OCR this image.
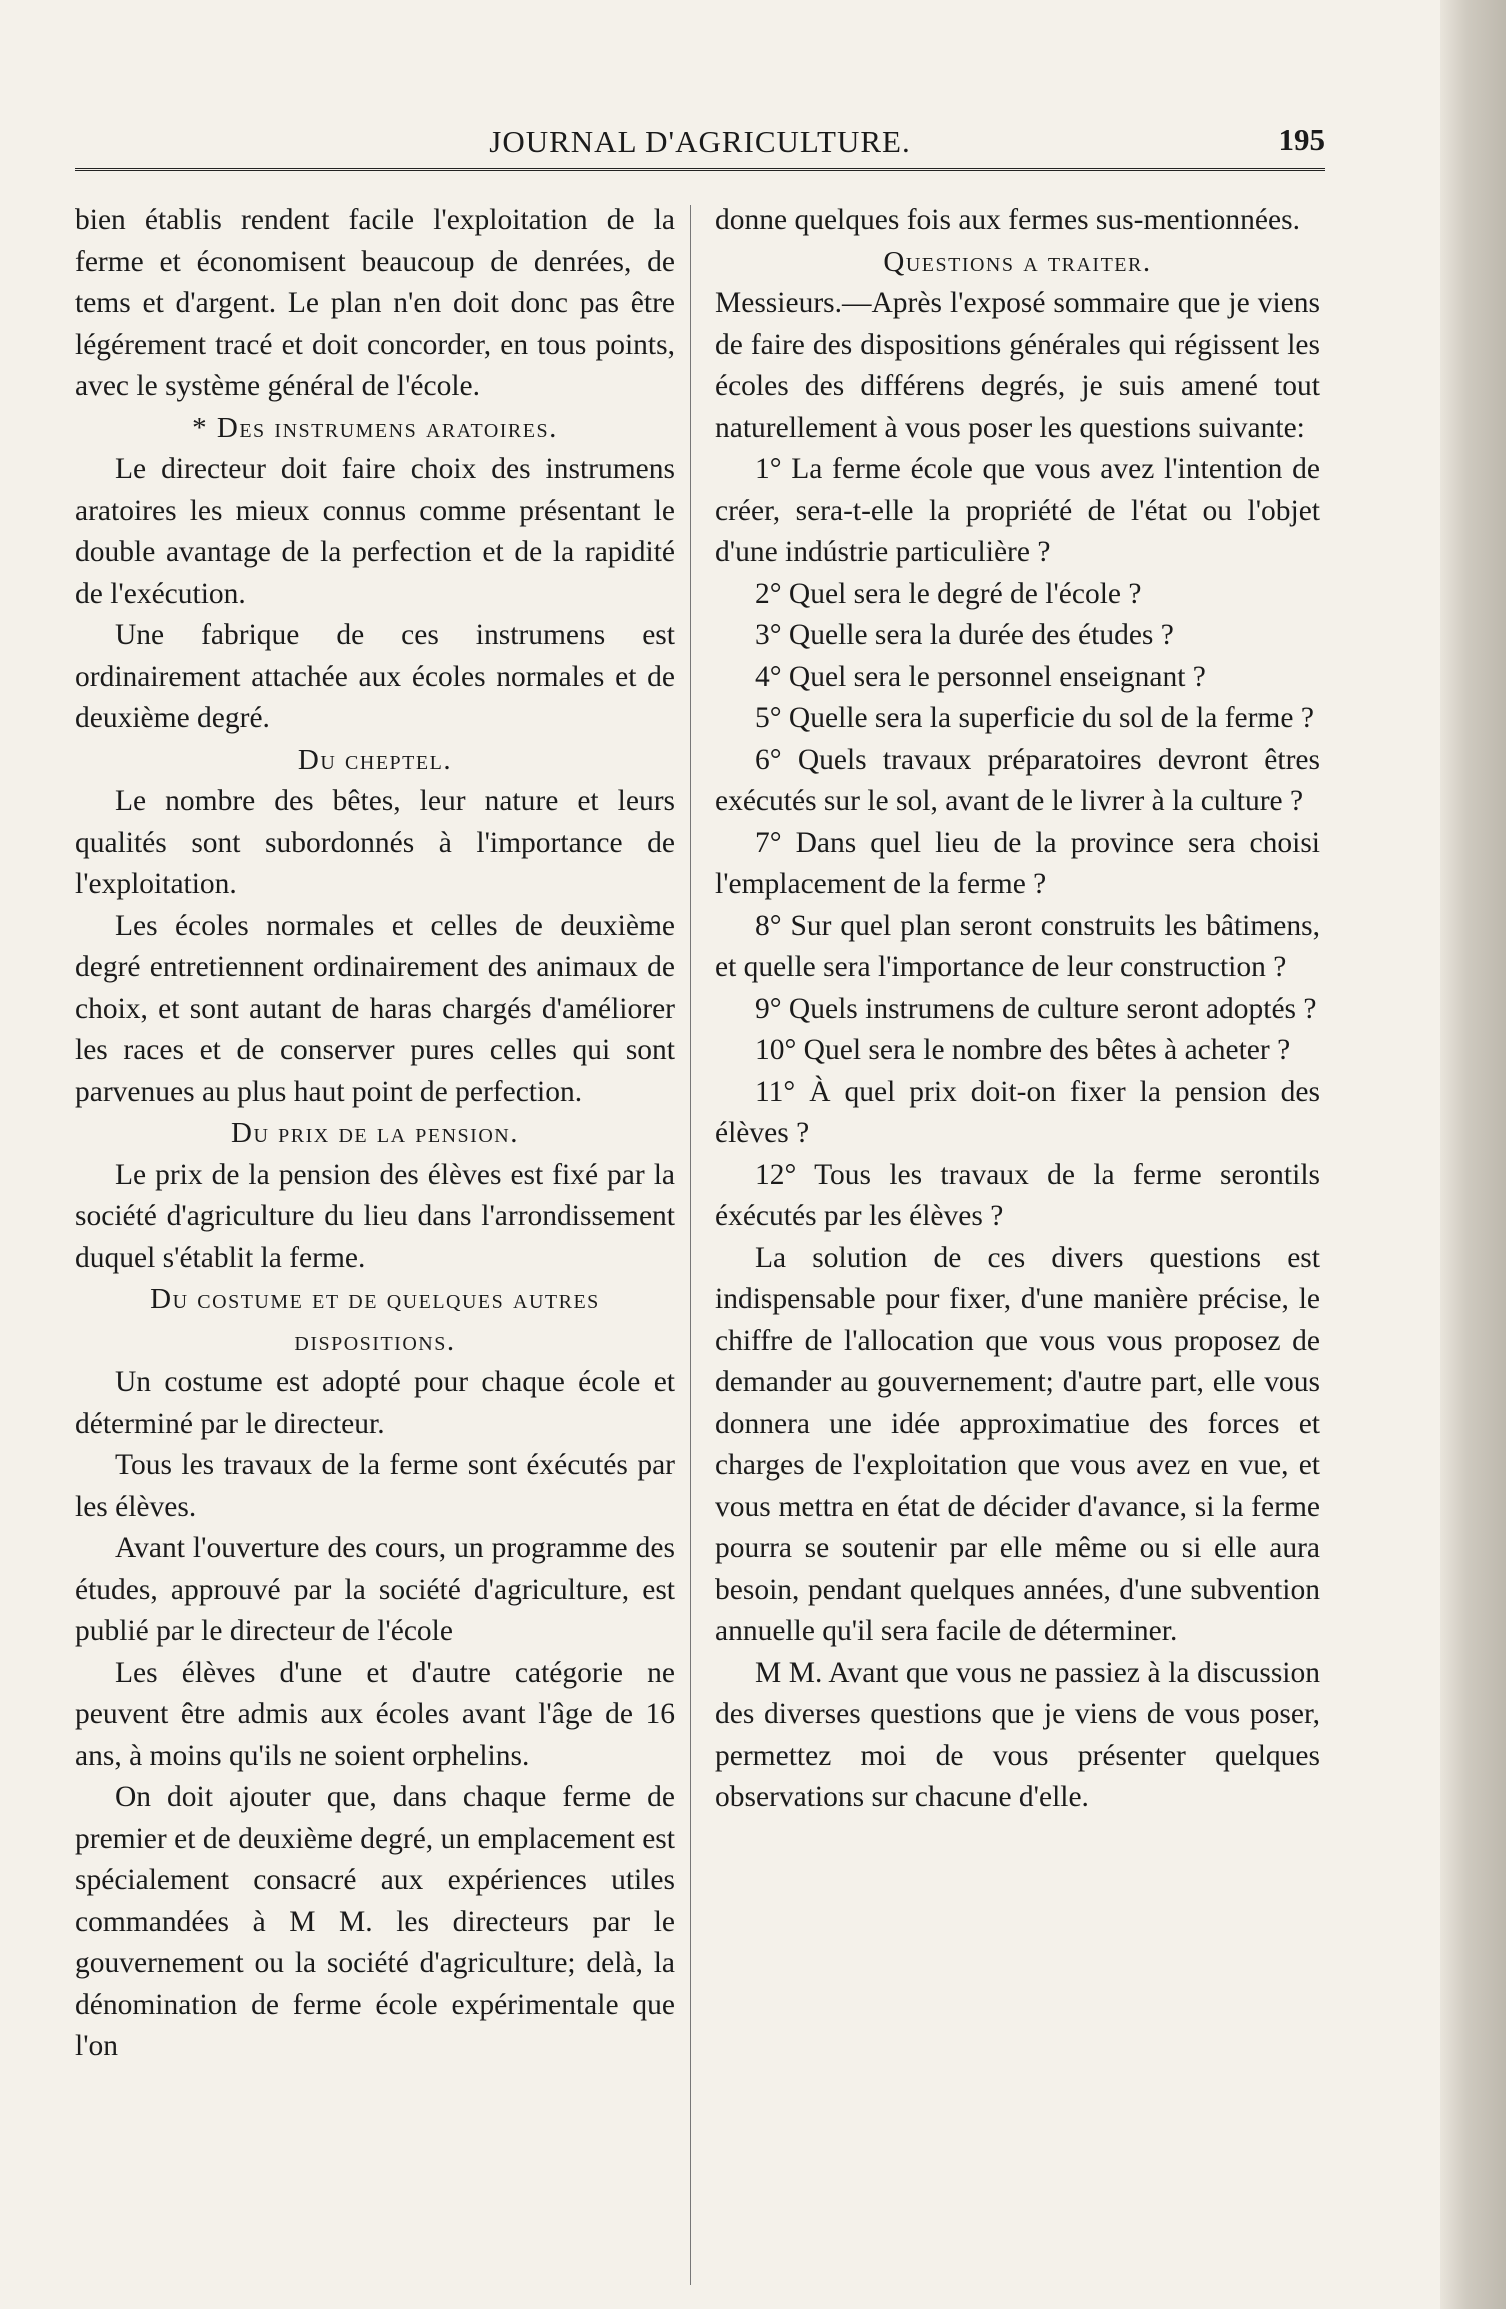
JOURNAL D'AGRICULTURE.	195

bien établis rendent facile l'exploitation de la ferme et économisent beaucoup de denrées, de tems et d'argent. Le plan n'en doit donc pas être légérement tracé et doit concorder, en tous points, avec le système général de l'école.

* Des instrumens aratoires.

Le directeur doit faire choix des instrumens aratoires les mieux connus comme présentant le double avantage de la perfection et de la rapidité de l'exécution.

Une fabrique de ces instrumens est ordinairement attachée aux écoles normales et de deuxième degré.

Du cheptel.

Le nombre des bêtes, leur nature et leurs qualités sont subordonnés à l'importance de l'exploitation.

Les écoles normales et celles de deuxième degré entretiennent ordinairement des animaux de choix, et sont autant de haras chargés d'améliorer les races et de conserver pures celles qui sont parvenues au plus haut point de perfection.

Du prix de la pension.

Le prix de la pension des élèves est fixé par la société d'agriculture du lieu dans l'arrondissement duquel s'établit la ferme.

Du costume et de quelques autres dispositions.

Un costume est adopté pour chaque école et déterminé par le directeur.

Tous les travaux de la ferme sont éxécutés par les élèves.

Avant l'ouverture des cours, un programme des études, approuvé par la société d'agriculture, est publié par le directeur de l'école

Les élèves d'une et d'autre catégorie ne peuvent être admis aux écoles avant l'âge de 16 ans, à moins qu'ils ne soient orphelins.

On doit ajouter que, dans chaque ferme de premier et de deuxième degré, un emplacement est spécialement consacré aux expériences utiles commandées à M M. les directeurs par le gouvernement ou la société d'agriculture; delà, la dénomination de ferme école expérimentale que l'on

donne quelques fois aux fermes sus-mentionnées.

Questions a traiter.

Messieurs.—Après l'exposé sommaire que je viens de faire des dispositions générales qui régissent les écoles des différens degrés, je suis amené tout naturellement à vous poser les questions suivante:

1° La ferme école que vous avez l'intention de créer, sera-t-elle la propriété de l'état ou l'objet d'une indústrie particulière ?

2° Quel sera le degré de l'école ?

3° Quelle sera la durée des études ?

4° Quel sera le personnel enseignant ?

5° Quelle sera la superficie du sol de la ferme ?

6° Quels travaux préparatoires devront êtres exécutés sur le sol, avant de le livrer à la culture ?

7° Dans quel lieu de la province sera choisi l'emplacement de la ferme ?

8° Sur quel plan seront construits les bâtimens, et quelle sera l'importance de leur construction ?

9° Quels instrumens de culture seront adoptés ?

10° Quel sera le nombre des bêtes à acheter ?

11° À quel prix doit-on fixer la pension des élèves ?

12° Tous les travaux de la ferme serontils éxécutés par les élèves ?

La solution de ces divers questions est indispensable pour fixer, d'une manière précise, le chiffre de l'allocation que vous vous proposez de demander au gouvernement; d'autre part, elle vous donnera une idée approximatiue des forces et charges de l'exploitation que vous avez en vue, et vous mettra en état de décider d'avance, si la ferme pourra se soutenir par elle même ou si elle aura besoin, pendant quelques années, d'une subvention annuelle qu'il sera facile de déterminer.

M M. Avant que vous ne passiez à la discussion des diverses questions que je viens de vous poser, permettez moi de vous présenter quelques observations sur chacune d'elle.
